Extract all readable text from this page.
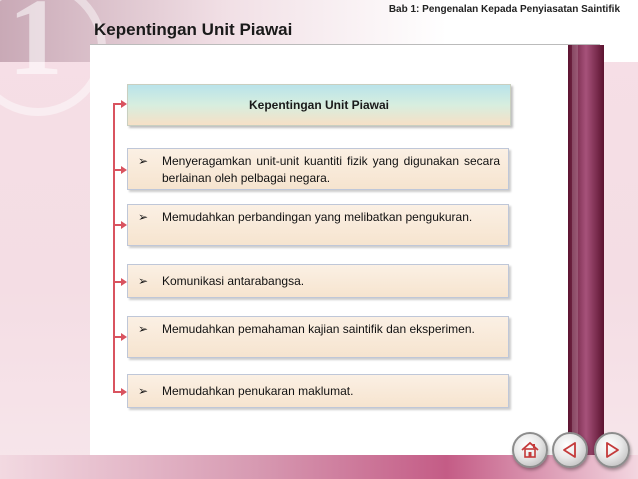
1	Bab 1: Pengenalan Kepada Penyiasatan Saintifik
Kepentingan Unit Piawai
Kepentingan Unit Piawai
➢	Menyeragamkan unit-unit kuantiti fizik yang digunakan secara berlainan oleh pelbagai negara.
➢	Memudahkan perbandingan yang melibatkan pengukuran.
➢	Komunikasi antarabangsa.
➢	Memudahkan pemahaman kajian saintifik dan eksperimen.
➢	Memudahkan penukaran maklumat.
